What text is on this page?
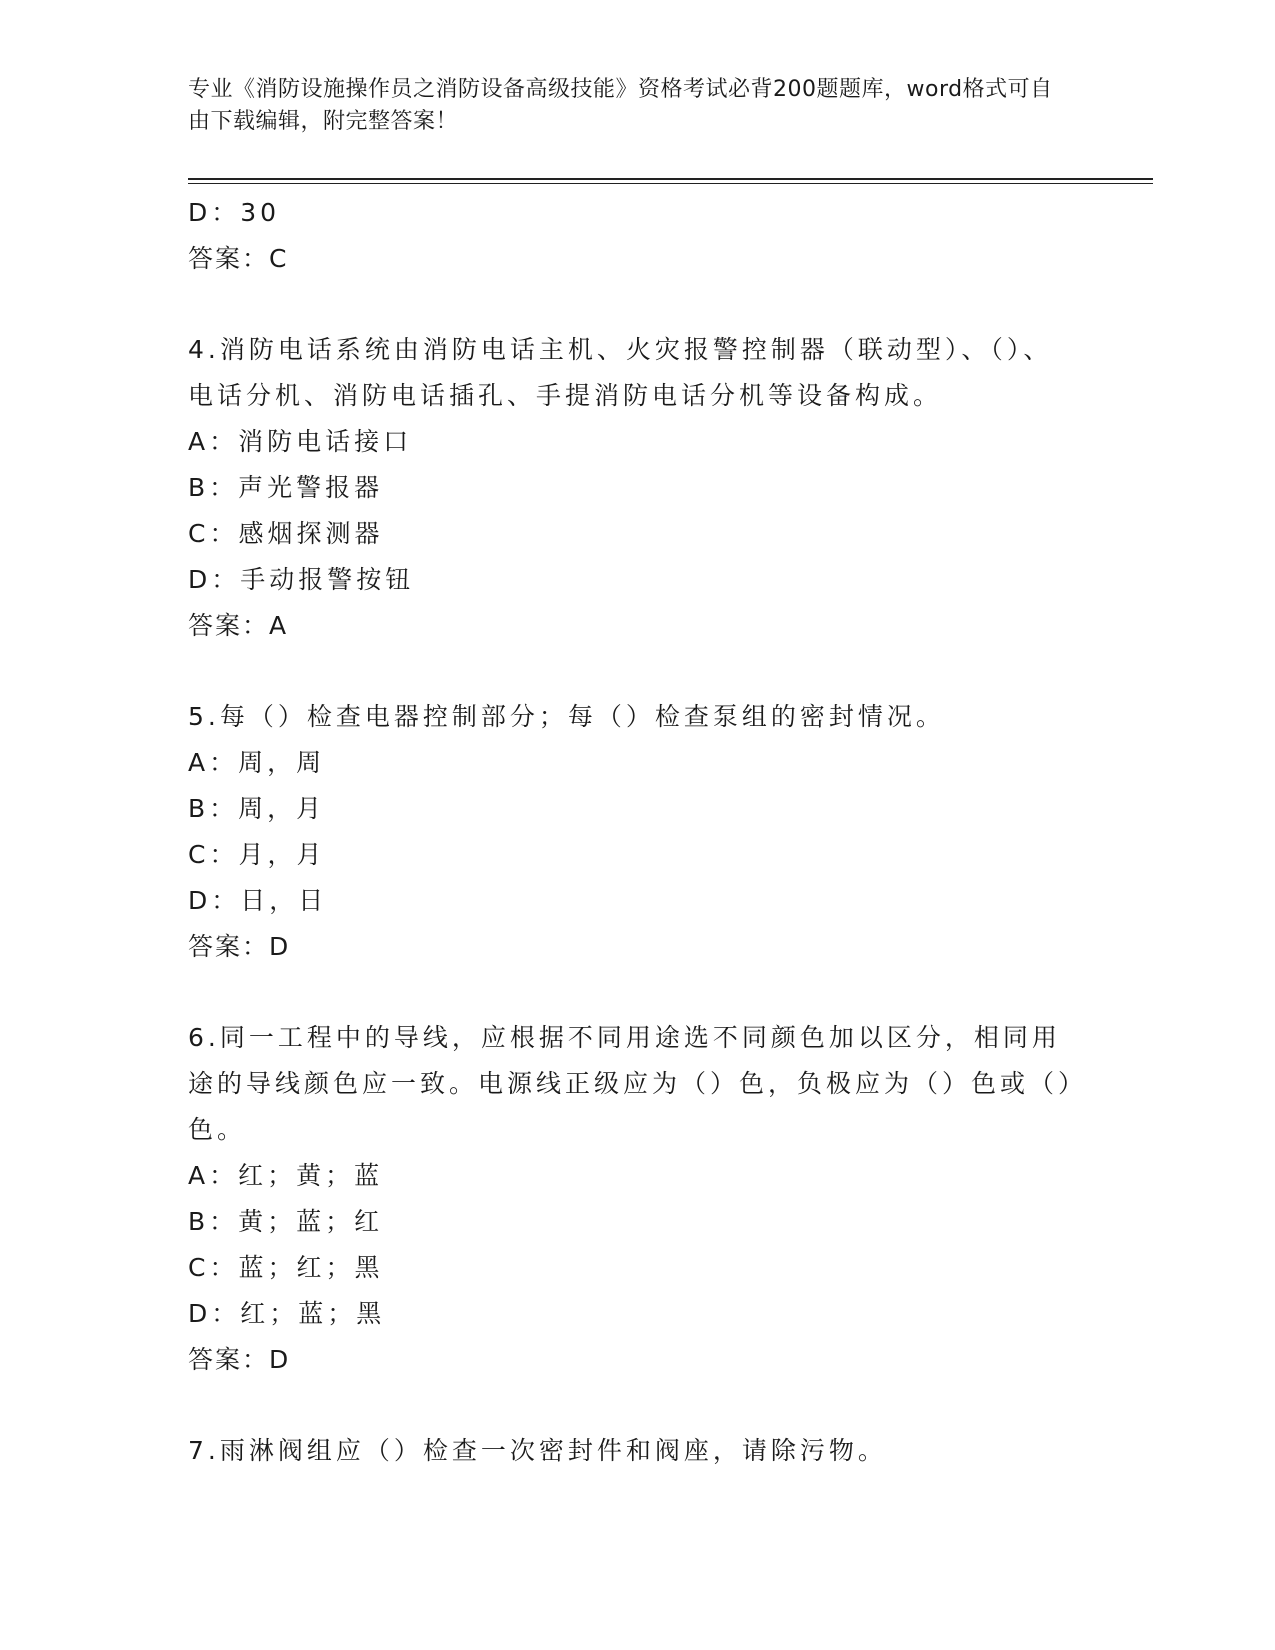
专业《消防设施操作员之消防设备高级技能》资格考试必背200题题库，word格式可自由下载编辑，附完整答案！
D：30
答案：C
4.消防电话系统由消防电话主机、火灾报警控制器（联动型）、（）、电话分机、消防电话插孔、手提消防电话分机等设备构成。
A：消防电话接口
B：声光警报器
C：感烟探测器
D：手动报警按钮
答案：A
5.每（）检查电器控制部分；每（）检查泵组的密封情况。
A：周，周
B：周，月
C：月，月
D：日，日
答案：D
6.同一工程中的导线，应根据不同用途选不同颜色加以区分，相同用途的导线颜色应一致。电源线正级应为（）色，负极应为（）色或（）色。
A：红；黄；蓝
B：黄；蓝；红
C：蓝；红；黑
D：红；蓝；黑
答案：D
7.雨淋阀组应（）检查一次密封件和阀座，请除污物。
